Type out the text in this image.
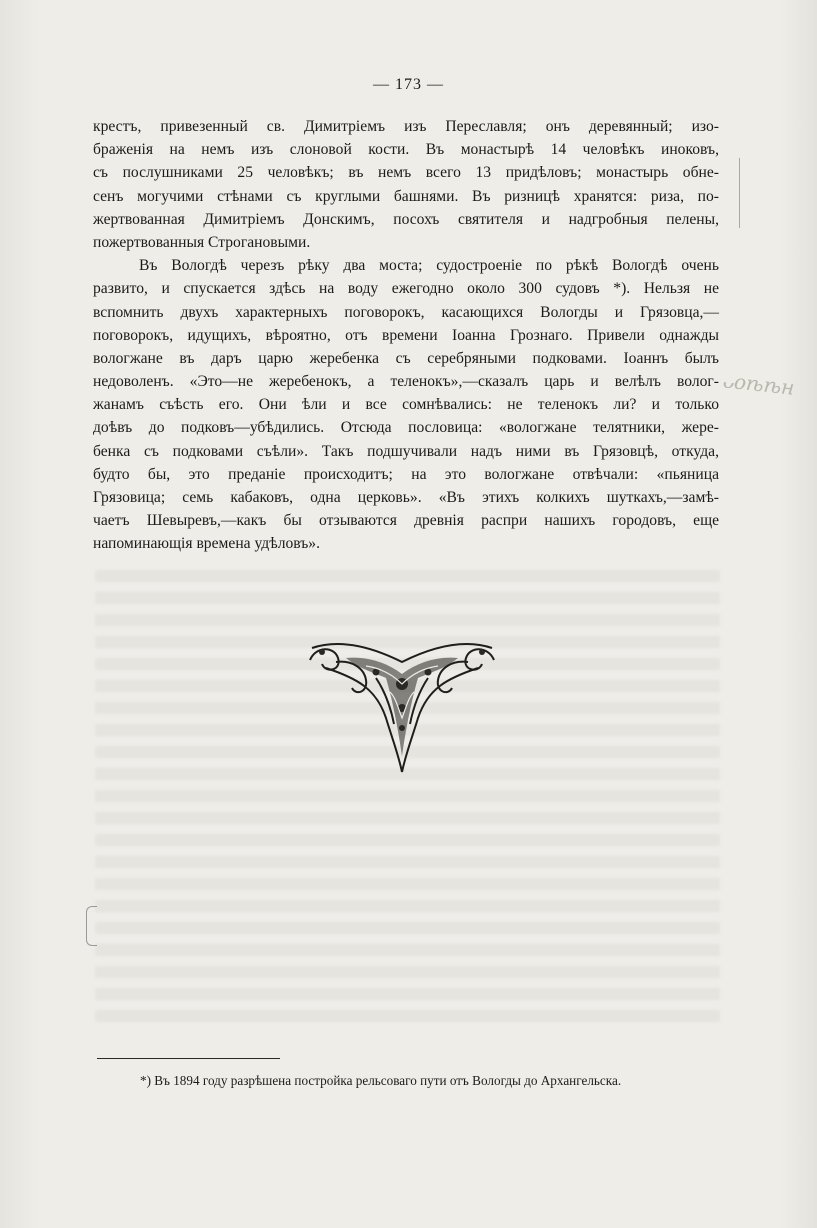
— 173 —
крестъ, привезенный св. Димитріемъ изъ Переславля; онъ деревянный; изо-
браженія на немъ изъ слоновой кости. Въ монастырѣ 14 человѣкъ иноковъ,
съ послушниками 25 человѣкъ; въ немъ всего 13 придѣловъ; монастырь обне-
сенъ могучими стѣнами съ круглыми башнями. Въ ризницѣ хранятся: риза, по-
жертвованная Димитріемъ Донскимъ, посохъ святителя и надгробныя пелены,
пожертвованныя Строгановыми.
Въ Вологдѣ черезъ рѣку два моста; судостроеніе по рѣкѣ Вологдѣ очень
развито, и спускается здѣсь на воду ежегодно около 300 судовъ *). Нельзя не
вспомнить двухъ характерныхъ поговорокъ, касающихся Вологды и Грязовца,—
поговорокъ, идущихъ, вѣроятно, отъ времени Іоанна Грознаго. Привели однажды
вологжане въ даръ царю жеребенка съ серебряными подковами. Іоаннъ былъ
недоволенъ. «Это—не жеребенокъ, а теленокъ»,—сказалъ царь и велѣлъ волог-
жанамъ съѣсть его. Они ѣли и все сомнѣвались: не теленокъ ли? и только
доѣвъ до подковъ—убѣдились. Отсюда пословица: «вологжане телятники, жере-
бенка съ подковами съѣли». Такъ подшучивали надъ ними въ Грязовцѣ, откуда,
будто бы, это преданіе происходитъ; на это вологжане отвѣчали: «пьяница
Грязовица; семь кабаковъ, одна церковь». «Въ этихъ колкихъ шуткахъ,—замѣ-
чаетъ Шевыревъ,—какъ бы отзываются древнія распри нашихъ городовъ, еще
напоминающія времена удѣловъ».
ᴗоѣѣн
*) Въ 1894 году разрѣшена постройка рельсоваго пути отъ Вологды до Архангельска.
